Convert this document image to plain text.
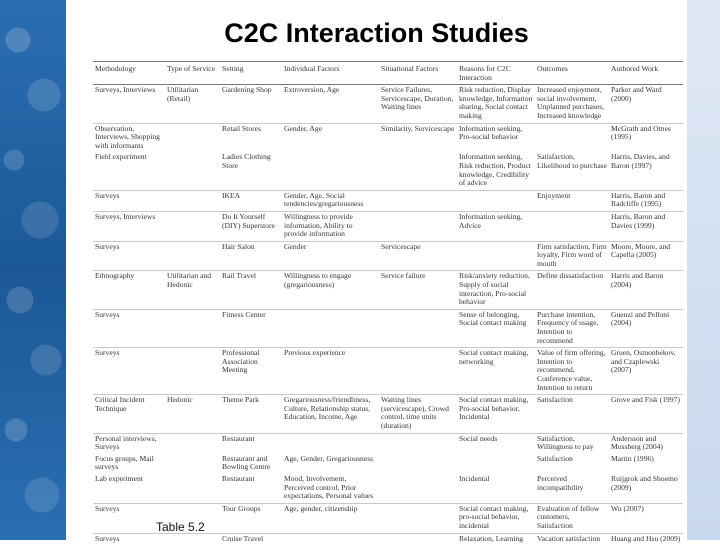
C2C Interaction Studies
Methodology	Type of Service	Setting	Individual Factors	Situational Factors	Reasons for C2C Interaction	Outcomes	Authored Work
Surveys, Interviews	Utilitarian (Retail)	Gardening Shop	Extroversion, Age	Service Failures, Servicescape, Duration, Waiting lines	Risk reduction, Display knowledge, Information sharing, Social contact making	Increased enjoyment, social involvement, Unplanned purchases, Increased knowledge	Parker and Ward (2000)
Observation, Interviews, Shopping with informants		Retail Stores	Gender, Age	Similarity, Servicescape	Information seeking, Pro-social behavior		McGrath and Otnes (1995)
Field experiment		Ladies Clothing Store			Information seeking, Risk reduction, Product knowledge, Credibility of advice	Satisfaction, Likelihood to purchase	Harris, Davies, and Baron (1997)
Surveys		IKEA	Gender, Age, Social tendencies/gregariousness			Enjoyment	Harris, Baron and Radcliffe (1995)
Surveys, Interviews		Do It Yourself (DIY) Superstore	Willingness to provide information, Ability to provide information		Information seeking, Advice		Harris, Baron and Davies (1999)
Surveys		Hair Salon	Gender	Servicescape		Firm satisfaction, Firm loyalty, Firm word of mouth	Moore, Moore, and Capella (2005)
Ethnography	Utilitarian and Hedonic	Rail Travel	Willingness to engage (gregariousness)	Service failure	Risk/anxiety reduction, Supply of social interaction, Pro-social behavior	Define dissatisfaction	Harris and Baron (2004)
Surveys		Fitness Center			Sense of belonging, Social contact making	Purchase intention, Frequency of usage, Intention to recommend	Guenzi and Pelloni (2004)
Surveys		Professional Association Meeting	Previous experience		Social contact making, networking	Value of firm offering, Intention to recommend, Conference value, Intention to return	Gruen, Osmonbekov, and Czaplewski (2007)
Critical Incident Technique	Hedonic	Theme Park	Gregariousness/friendliness, Culture, Relationship status, Education, Income, Age	Waiting lines (servicescape), Crowd control, time units (duration)	Social contact making, Pro-social behavior, Incidental	Satisfaction	Grove and Fisk (1997)
Personal interviews, Surveys		Restaurant			Social needs	Satisfaction, Willingness to pay	Andersson and Mossberg (2004)
Focus groups, Mail surveys		Restaurant and Bowling Centre	Age, Gender, Gregariousness			Satisfaction	Martin (1996)
Lab experiment		Restaurant	Mood, Involvement, Perceived control, Prior expectations, Personal values		Incidental	Perceived incompatibility	Ruijgrok and Shoemo (2009)
Surveys		Tour Groups	Age, gender, citizenship		Social contact making, pro-social behavior, incidental	Evaluation of fellow customers, Satisfaction	Wu (2007)
Surveys		Cruise Travel			Relaxation, Learning	Vacation satisfaction	Huang and Hsu (2009)
Table 5.2
